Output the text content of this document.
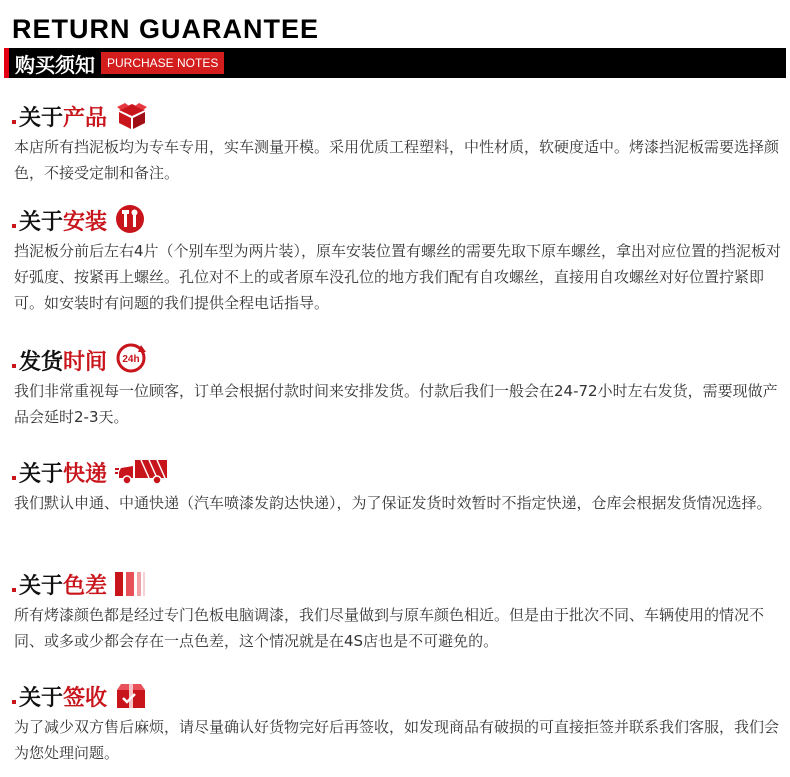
RETURN GUARANTEE
购买须知	PURCHASE NOTES
关于 产品

本店所有挡泥板均为专车专用，实车测量开模。采用优质工程塑料，中性材质，软硬度适中。烤漆挡泥板需要选择颜色，不接受定制和备注。

关于 安装

挡泥板分前后左右4片（个别车型为两片装），原车安装位置有螺丝的需要先取下原车螺丝，拿出对应位置的挡泥板对好弧度、按紧再上螺丝。孔位对不上的或者原车没孔位的地方我们配有自攻螺丝，直接用自攻螺丝对好位置拧紧即可。如安装时有问题的我们提供全程电话指导。

发货 时间 24h

我们非常重视每一位顾客，订单会根据付款时间来安排发货。付款后我们一般会在24-72小时左右发货，需要现做产品会延时2-3天。

关于 快递

我们默认申通、中通快递（汽车喷漆发韵达快递），为了保证发货时效暂时不指定快递，仓库会根据发货情况选择。

关于 色差

所有烤漆颜色都是经过专门色板电脑调漆，我们尽量做到与原车颜色相近。但是由于批次不同、车辆使用的情况不同、或多或少都会存在一点色差，这个情况就是在4S店也是不可避免的。

关于 签收

为了减少双方售后麻烦，请尽量确认好货物完好后再签收，如发现商品有破损的可直接拒签并联系我们客服，我们会 为您处理问题。
